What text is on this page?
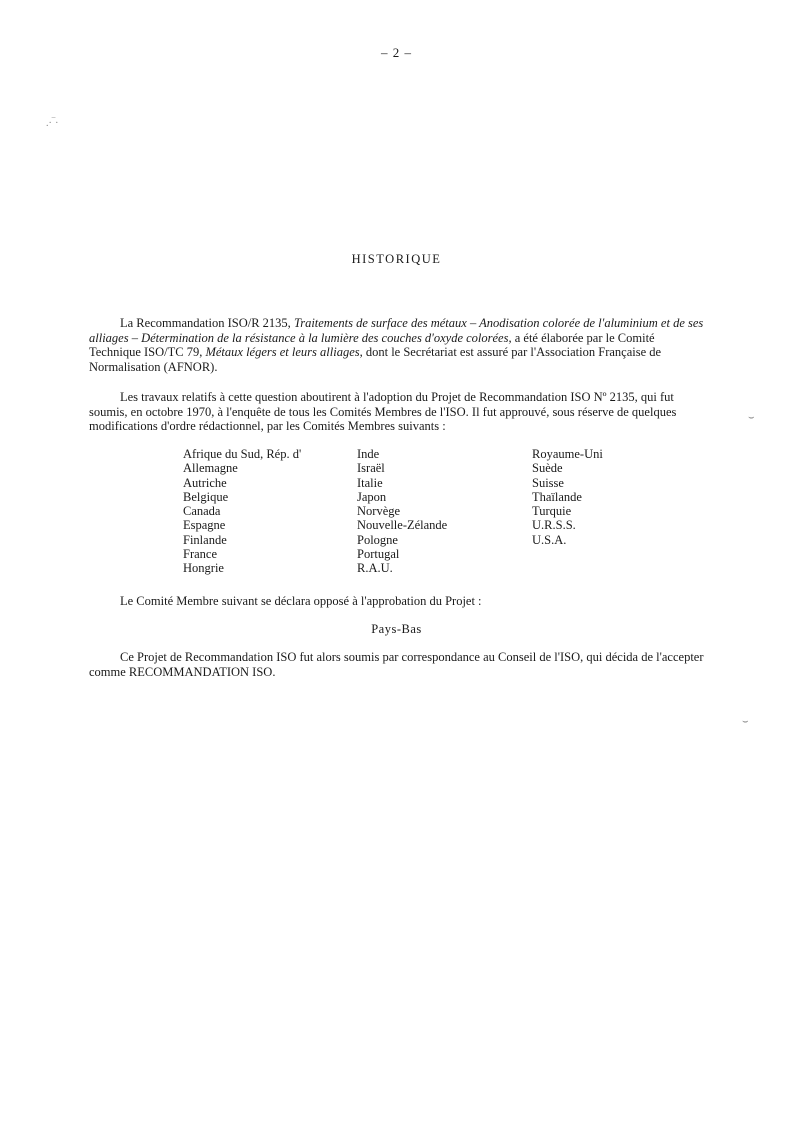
– 2 –
HISTORIQUE

La Recommandation ISO/R 2135, Traitements de surface des métaux – Anodisation colorée de l'aluminium et de ses alliages – Détermination de la résistance à la lumière des couches d'oxyde colorées, a été élaborée par le Comité Technique ISO/TC 79, Métaux légers et leurs alliages, dont le Secrétariat est assuré par l'Association Française de Normalisation (AFNOR).

Les travaux relatifs à cette question aboutirent à l'adoption du Projet de Recommandation ISO Nº 2135, qui fut soumis, en octobre 1970, à l'enquête de tous les Comités Membres de l'ISO. Il fut approuvé, sous réserve de quelques modifications d'ordre rédactionnel, par les Comités Membres suivants :

Afrique du Sud, Rép. d'
Allemagne
Autriche
Belgique
Canada
Espagne
Finlande
France
Hongrie
Inde
Israël
Italie
Japon
Norvège
Nouvelle-Zélande
Pologne
Portugal
R.A.U.
Royaume-Uni
Suède
Suisse
Thaïlande
Turquie
U.R.S.S.
U.S.A.

Le Comité Membre suivant se déclara opposé à l'approbation du Projet :

Pays-Bas

Ce Projet de Recommandation ISO fut alors soumis par correspondance au Conseil de l'ISO, qui décida de l'accepter comme RECOMMANDATION ISO.

.·‾·
⌣
⌣
